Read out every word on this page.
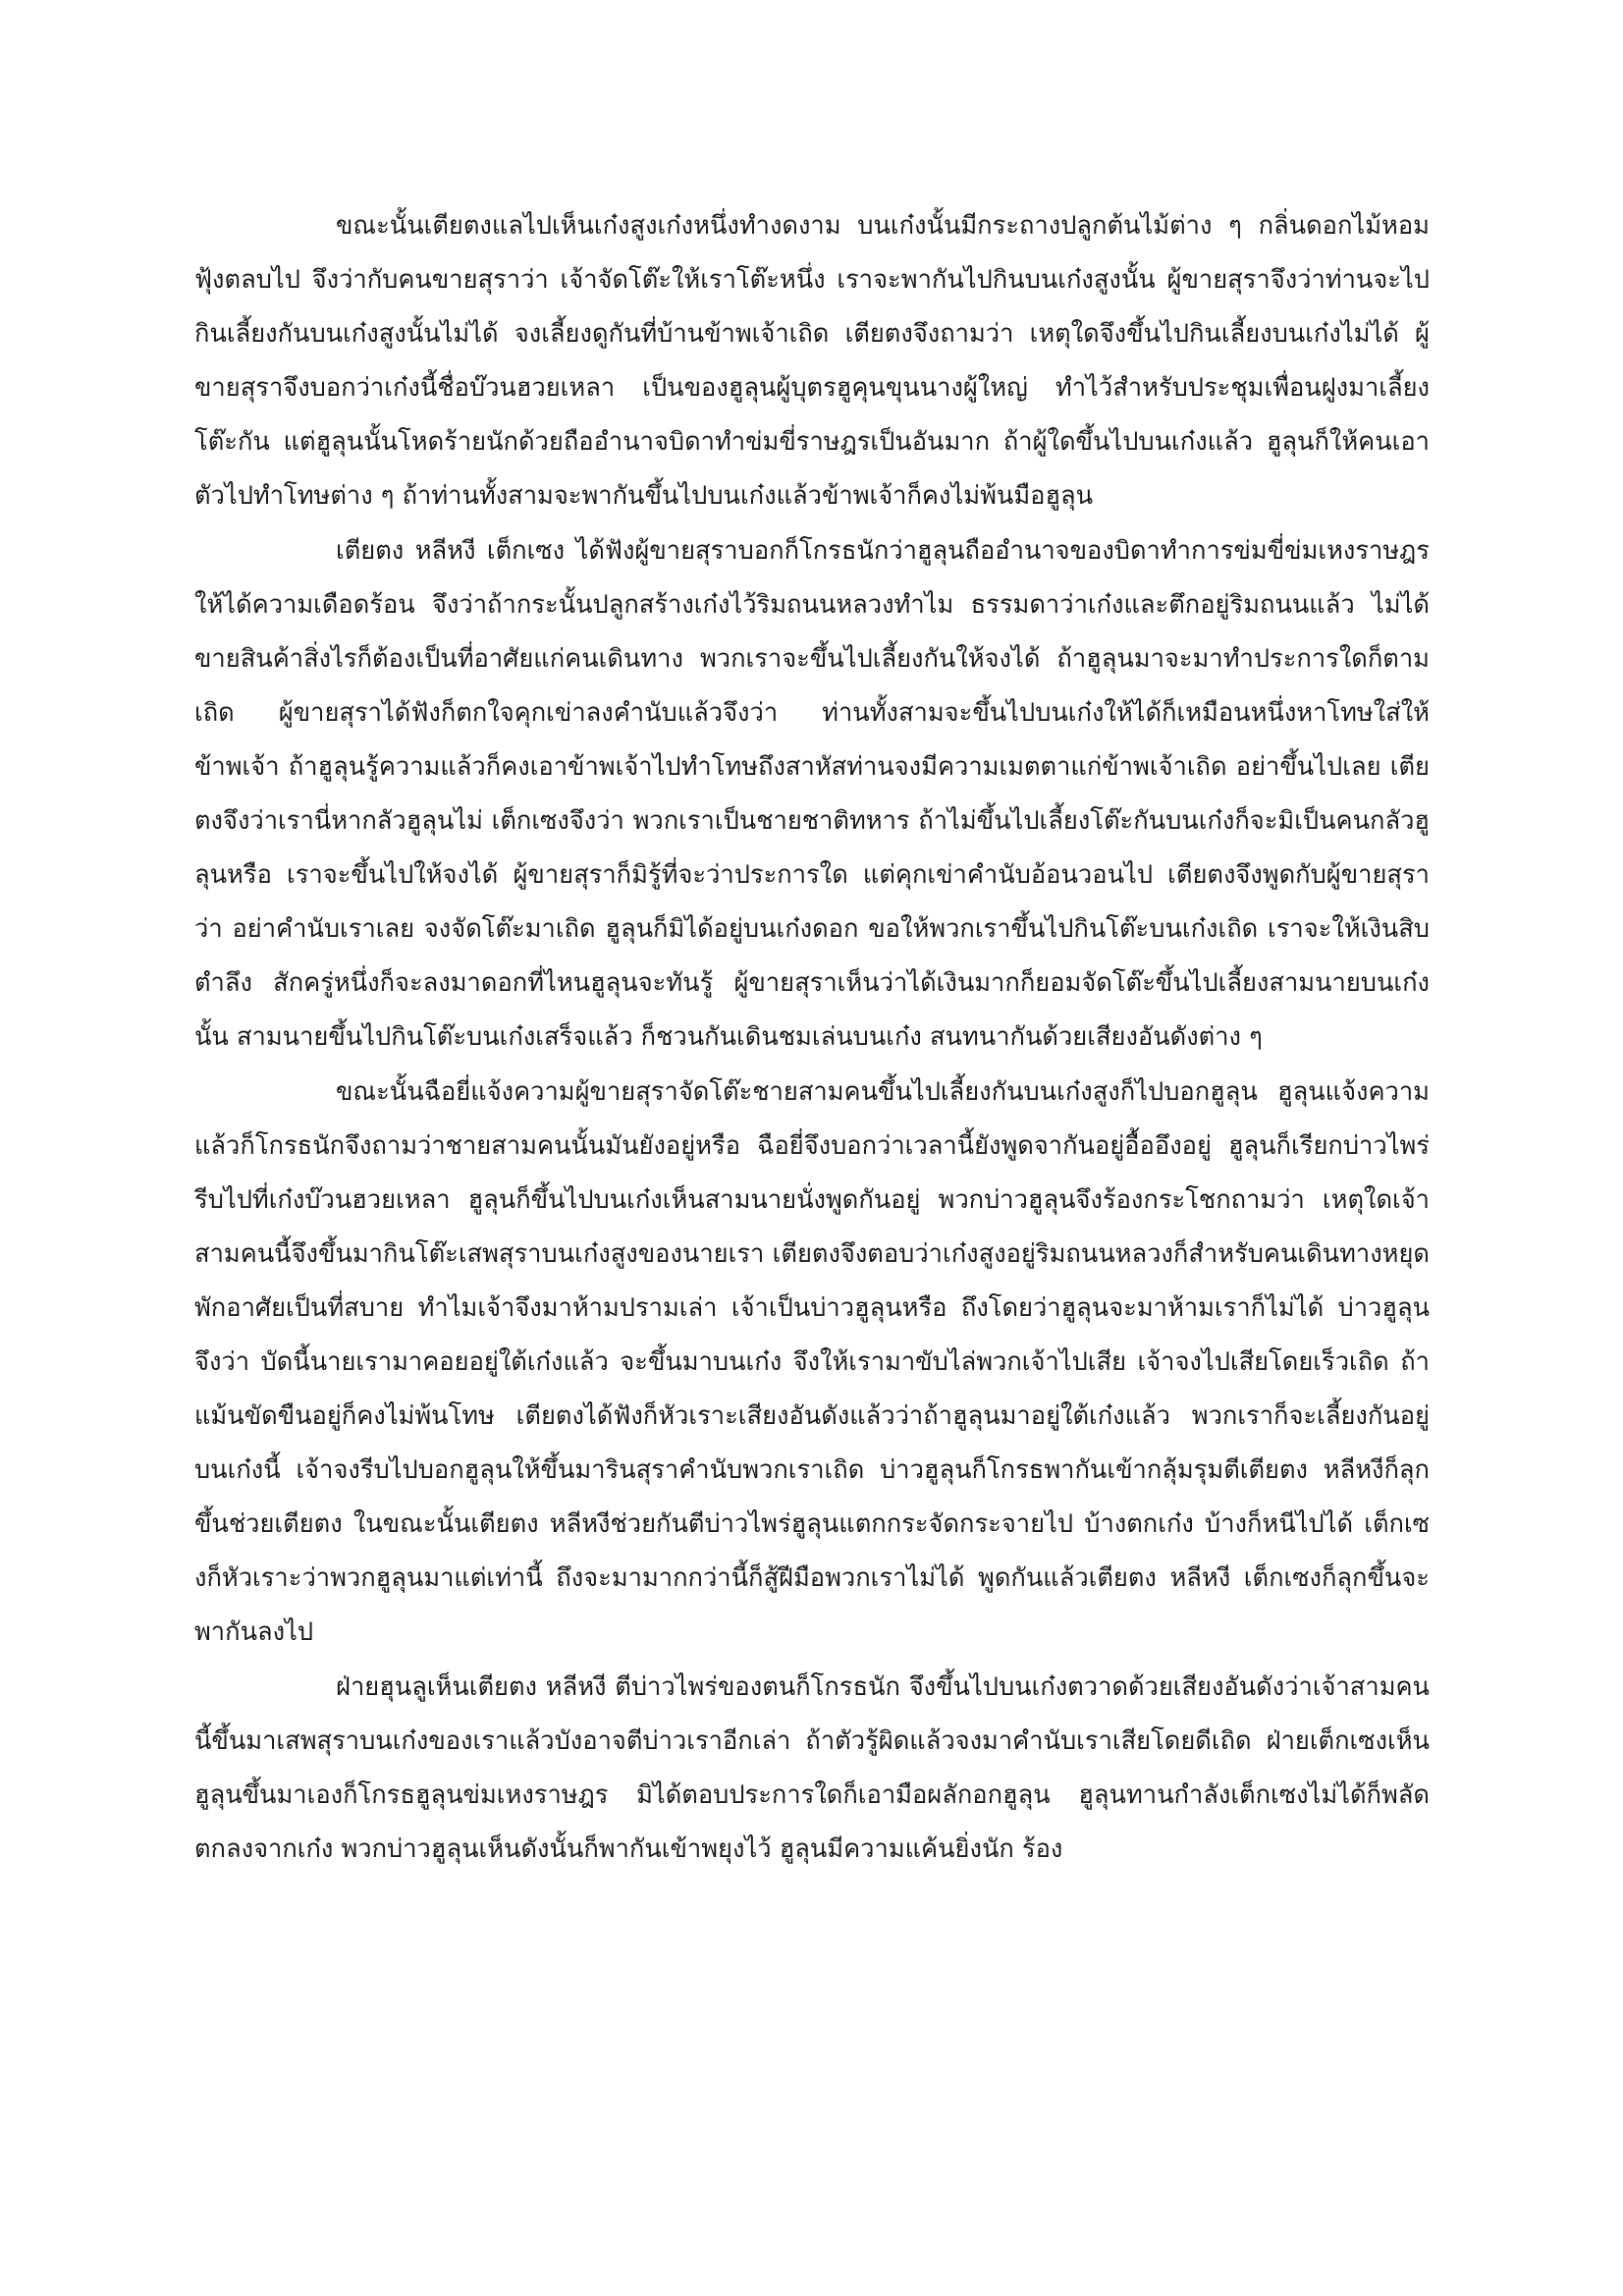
ขณะนั้นเตียตงแลไปเห็นเก๋งสูงเก๋งหนึ่งทำงดงาม บนเก๋งนั้นมีกระถางปลูกต้นไม้ต่าง ๆ กลิ่นดอกไม้หอมฟุ้งตลบไป จึงว่ากับคนขายสุราว่า เจ้าจัดโต๊ะให้เราโต๊ะหนึ่ง เราจะพากันไปกินบนเก๋งสูงนั้น ผู้ขายสุราจึงว่าท่านจะไปกินเลี้ยงกันบนเก๋งสูงนั้นไม่ได้ จงเลี้ยงดูกันที่บ้านข้าพเจ้าเถิด เตียตงจึงถามว่า เหตุใดจึงขึ้นไปกินเลี้ยงบนเก๋งไม่ได้ ผู้ขายสุราจึงบอกว่าเก๋งนี้ชื่อบ๊วนฮวยเหลา เป็นของฮูลุนผู้บุตรฮูคุนขุนนางผู้ใหญ่ ทำไว้สำหรับประชุมเพื่อนฝูงมาเลี้ยงโต๊ะกัน แต่ฮูลุนนั้นโหดร้ายนักด้วยถืออำนาจบิดาทำข่มขี่ราษฎรเป็นอันมาก ถ้าผู้ใดขึ้นไปบนเก๋งแล้ว ฮูลุนก็ให้คนเอาตัวไปทำโทษต่าง ๆ ถ้าท่านทั้งสามจะพากันขึ้นไปบนเก๋งแล้วข้าพเจ้าก็คงไม่พ้นมือฮูลุน

เตียตง หลีหงี เต็กเซง ได้ฟังผู้ขายสุราบอกก็โกรธนักว่าฮูลุนถืออำนาจของบิดาทำการข่มขี่ข่มเหงราษฎรให้ได้ความเดือดร้อน จึงว่าถ้ากระนั้นปลูกสร้างเก๋งไว้ริมถนนหลวงทำไม ธรรมดาว่าเก๋งและตึกอยู่ริมถนนแล้ว ไม่ได้ขายสินค้าสิ่งไรก็ต้องเป็นที่อาศัยแก่คนเดินทาง พวกเราจะขึ้นไปเลี้ยงกันให้จงได้ ถ้าฮูลุนมาจะมาทำประการใดก็ตามเถิด ผู้ขายสุราได้ฟังก็ตกใจคุกเข่าลงคำนับแล้วจึงว่า ท่านทั้งสามจะขึ้นไปบนเก๋งให้ได้ก็เหมือนหนึ่งหาโทษใส่ให้ข้าพเจ้า ถ้าฮูลุนรู้ความแล้วก็คงเอาข้าพเจ้าไปทำโทษถึงสาหัสท่านจงมีความเมตตาแก่ข้าพเจ้าเถิด อย่าขึ้นไปเลย เตียตงจึงว่าเรานี่หากลัวฮูลุนไม่ เต็กเซงจึงว่า พวกเราเป็นชายชาติทหาร ถ้าไม่ขึ้นไปเลี้ยงโต๊ะกันบนเก๋งก็จะมิเป็นคนกลัวฮูลุนหรือ เราจะขึ้นไปให้จงได้ ผู้ขายสุราก็มิรู้ที่จะว่าประการใด แต่คุกเข่าคำนับอ้อนวอนไป เตียตงจึงพูดกับผู้ขายสุราว่า อย่าคำนับเราเลย จงจัดโต๊ะมาเถิด ฮูลุนก็มิได้อยู่บนเก๋งดอก ขอให้พวกเราขึ้นไปกินโต๊ะบนเก๋งเถิด เราจะให้เงินสิบตำลึง สักครู่หนึ่งก็จะลงมาดอกที่ไหนฮูลุนจะทันรู้ ผู้ขายสุราเห็นว่าได้เงินมากก็ยอมจัดโต๊ะขึ้นไปเลี้ยงสามนายบนเก๋งนั้น สามนายขึ้นไปกินโต๊ะบนเก๋งเสร็จแล้ว ก็ชวนกันเดินชมเล่นบนเก๋ง สนทนากันด้วยเสียงอันดังต่าง ๆ

ขณะนั้นฉือยี่แจ้งความผู้ขายสุราจัดโต๊ะชายสามคนขึ้นไปเลี้ยงกันบนเก๋งสูงก็ไปบอกฮูลุน ฮูลุนแจ้งความแล้วก็โกรธนักจึงถามว่าชายสามคนนั้นมันยังอยู่หรือ ฉือยี่จึงบอกว่าเวลานี้ยังพูดจากันอยู่อื้ออึงอยู่ ฮูลุนก็เรียกบ่าวไพร่รีบไปที่เก๋งบ๊วนฮวยเหลา ฮูลุนก็ขึ้นไปบนเก๋งเห็นสามนายนั่งพูดกันอยู่ พวกบ่าวฮูลุนจึงร้องกระโชกถามว่า เหตุใดเจ้าสามคนนี้จึงขึ้นมากินโต๊ะเสพสุราบนเก๋งสูงของนายเรา เตียตงจึงตอบว่าเก๋งสูงอยู่ริมถนนหลวงก็สำหรับคนเดินทางหยุดพักอาศัยเป็นที่สบาย ทำไมเจ้าจึงมาห้ามปรามเล่า เจ้าเป็นบ่าวฮูลุนหรือ ถึงโดยว่าฮูลุนจะมาห้ามเราก็ไม่ได้ บ่าวฮูลุนจึงว่า บัดนี้นายเรามาคอยอยู่ใต้เก๋งแล้ว จะขึ้นมาบนเก๋ง จึงให้เรามาขับไล่พวกเจ้าไปเสีย เจ้าจงไปเสียโดยเร็วเถิด ถ้าแม้นขัดขืนอยู่ก็คงไม่พ้นโทษ เตียตงได้ฟังก็หัวเราะเสียงอันดังแล้วว่าถ้าฮูลุนมาอยู่ใต้เก๋งแล้ว พวกเราก็จะเลี้ยงกันอยู่บนเก๋งนี้ เจ้าจงรีบไปบอกฮูลุนให้ขึ้นมารินสุราคำนับพวกเราเถิด บ่าวฮูลุนก็โกรธพากันเข้ากลุ้มรุมตีเตียตง หลีหงีก็ลุกขึ้นช่วยเตียตง ในขณะนั้นเตียตง หลีหงีช่วยกันตีบ่าวไพร่ฮูลุนแตกกระจัดกระจายไป บ้างตกเก๋ง บ้างก็หนีไปได้ เต็กเซงก็หัวเราะว่าพวกฮูลุนมาแต่เท่านี้ ถึงจะมามากกว่านี้ก็สู้ฝีมือพวกเราไม่ได้ พูดกันแล้วเตียตง หลีหงี เต็กเซงก็ลุกขึ้นจะพากันลงไป

ฝ่ายฮุนลูเห็นเตียตง หลีหงี ตีบ่าวไพร่ของตนก็โกรธนัก จึงขึ้นไปบนเก๋งตวาดด้วยเสียงอันดังว่าเจ้าสามคนนี้ขึ้นมาเสพสุราบนเก๋งของเราแล้วบังอาจตีบ่าวเราอีกเล่า ถ้าตัวรู้ผิดแล้วจงมาคำนับเราเสียโดยดีเถิด ฝ่ายเต็กเซงเห็นฮูลุนขึ้นมาเองก็โกรธฮูลุนข่มเหงราษฎร มิได้ตอบประการใดก็เอามือผลักอกฮูลุน ฮูลุนทานกำลังเต็กเซงไม่ได้ก็พลัดตกลงจากเก๋ง พวกบ่าวฮูลุนเห็นดังนั้นก็พากันเข้าพยุงไว้ ฮูลุนมีความแค้นยิ่งนัก ร้อง
